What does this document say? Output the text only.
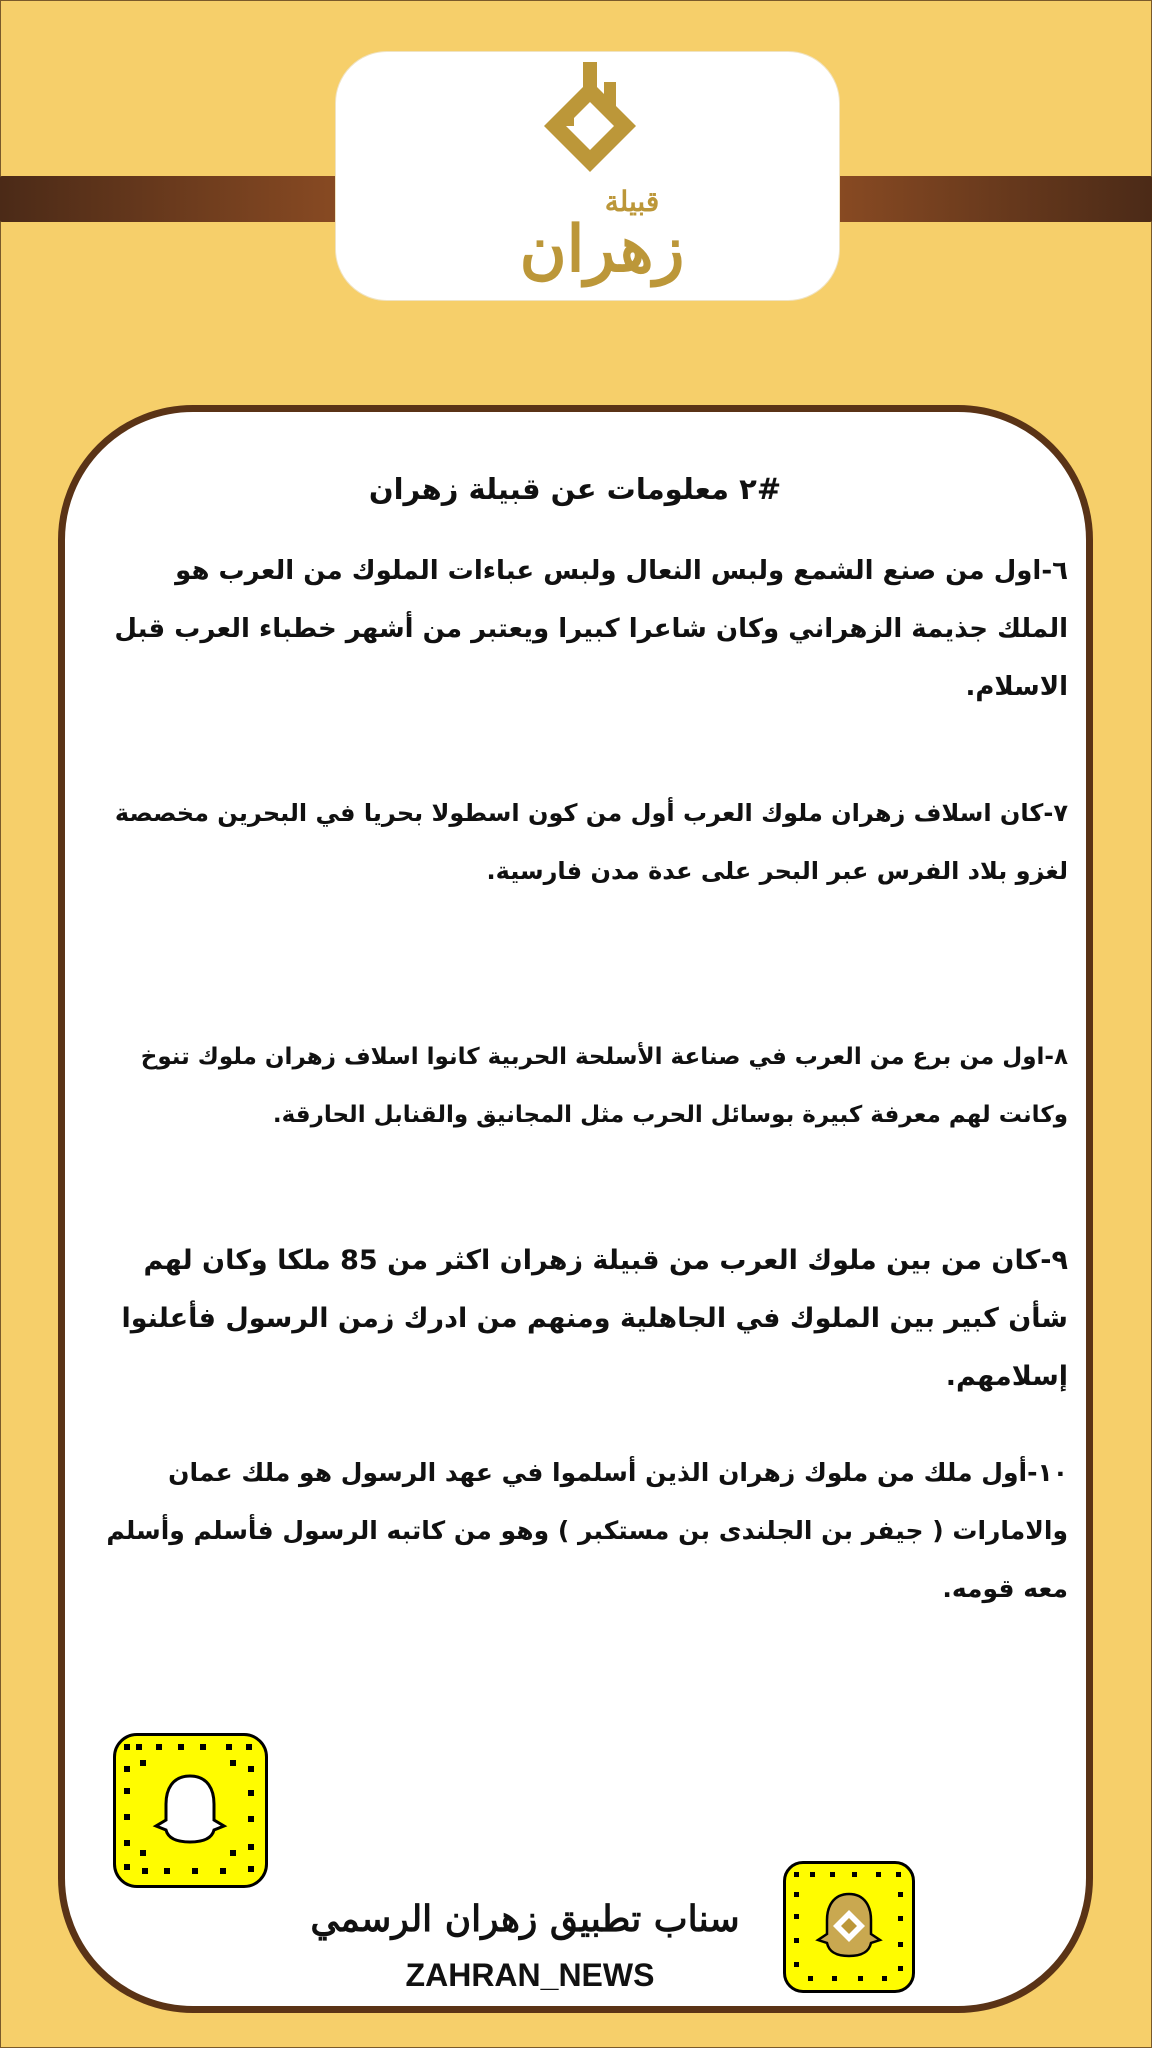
قبيلة
زهران
#٢ معلومات عن قبيلة زهران

٦-اول من صنع الشمع ولبس النعال ولبس عباءات الملوك من العرب هو الملك جذيمة الزهراني وكان شاعرا كبيرا ويعتبر من أشهر خطباء العرب قبل الاسلام.

٧-كان اسلاف زهران ملوك العرب أول من كون اسطولا بحريا في البحرين مخصصة لغزو بلاد الفرس عبر البحر على عدة مدن فارسية.

٨-اول من برع من العرب في صناعة الأسلحة الحربية كانوا اسلاف زهران ملوك تنوخ وكانت لهم معرفة كبيرة بوسائل الحرب مثل المجانيق والقنابل الحارقة.

٩-كان من بين ملوك العرب من قبيلة زهران اكثر من 85 ملكا وكان لهم شأن كبير بين الملوك في الجاهلية ومنهم من ادرك زمن الرسول فأعلنوا إسلامهم.

١٠-أول ملك من ملوك زهران الذين أسلموا في عهد الرسول هو ملك عمان والامارات ( جيفر بن الجلندى بن مستكبر ) وهو من كاتبه الرسول فأسلم وأسلم معه قومه.

سناب تطبيق زهران الرسمي

ZAHRAN_NEWS
